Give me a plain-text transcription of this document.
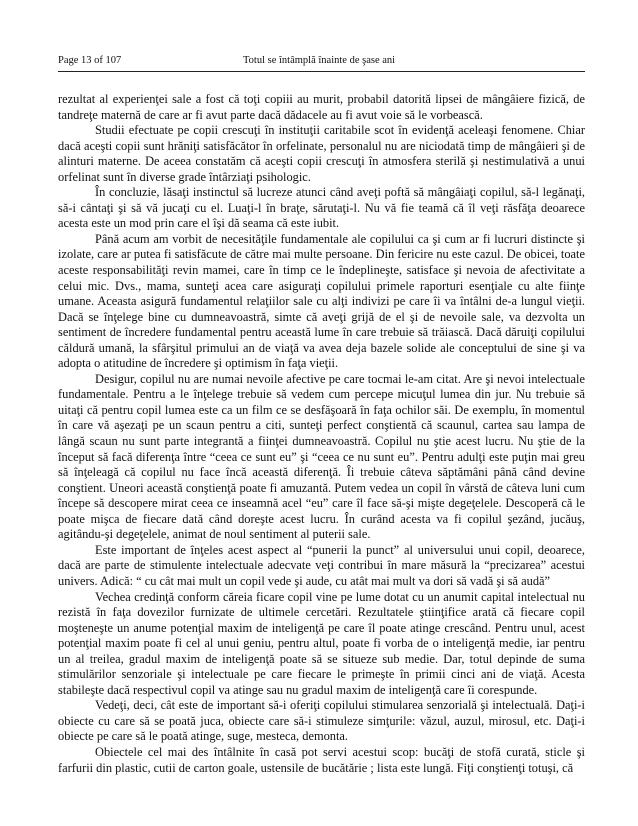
Page 13 of 107	Totul se întâmplă înainte de şase ani

rezultat al experienţei sale a fost că toţi copiii au murit, probabil datorită lipsei de mângâiere fizică, de tandreţe maternă de care ar fi avut parte dacă dădacele au fi avut voie să le vorbească.

Studii efectuate pe copii crescuţi în instituţii caritabile scot în evidenţă aceleaşi fenomene. Chiar dacă aceşti copii sunt hrăniţi satisfăcător în orfelinate, personalul nu are niciodată timp de mângâieri şi de alinturi materne. De aceea constatăm că aceşti copii crescuţi în atmosfera sterilă şi nestimulativă a unui orfelinat sunt în diverse grade întârziaţi psihologic.

În concluzie, lăsaţi instinctul să lucreze atunci când aveţi poftă să mângâiaţi copilul, să-l legănaţi, să-i cântaţi şi să vă jucaţi cu el. Luaţi-l în braţe, sărutaţi-l. Nu vă fie teamă că îl veţi răsfăţa deoarece acesta este un mod prin care el îşi dă seama că este iubit.

Până acum am vorbit de necesităţile fundamentale ale copilului ca şi cum ar fi lucruri distincte şi izolate, care ar putea fi satisfăcute de către mai multe persoane. Din fericire nu este cazul. De obicei, toate aceste responsabilităţi revin mamei, care în timp ce le îndeplineşte, satisface şi nevoia de afectivitate a celui mic. Dvs., mama, sunteţi acea care asiguraţi copilului primele raporturi esenţiale cu alte fiinţe umane. Aceasta asigură fundamentul relaţiilor sale cu alţi indivizi pe care îi va întâlni de-a lungul vieţii. Dacă se înţelege bine cu dumneavoastră, simte că aveţi grijă de el şi de nevoile sale, va dezvolta un sentiment de încredere fundamental pentru această lume în care trebuie să trăiască. Dacă dăruiţi copilului căldură umană, la sfârşitul primului an de viaţă va avea deja bazele solide ale conceptului de sine şi va adopta o atitudine de încredere şi optimism în faţa vieţii.

Desigur, copilul nu are numai nevoile afective pe care tocmai le-am citat. Are şi nevoi intelectuale fundamentale. Pentru a le înţelege trebuie să vedem cum percepe micuţul lumea din jur. Nu trebuie să uitaţi că pentru copil lumea este ca un film ce se desfăşoară în faţa ochilor săi. De exemplu, în momentul în care vă aşezaţi pe un scaun pentru a citi, sunteţi perfect conştientă că scaunul, cartea sau lampa de lângă scaun nu sunt parte integrantă a fiinţei dumneavoastră. Copilul nu ştie acest lucru. Nu ştie de la început să facă diferenţa între “ceea ce sunt eu” şi “ceea ce nu sunt eu”. Pentru adulţi este puţin mai greu să înţeleagă că copilul nu face încă această diferenţă. Îi trebuie câteva săptămâni până când devine conştient. Uneori această conştienţă poate fi amuzantă. Putem vedea un copil în vârstă de câteva luni cum începe să descopere mirat ceea ce inseamnă acel “eu” care îl face să-şi mişte degeţelele. Descoperă că le poate mişca de fiecare dată când doreşte acest lucru. În curând acesta va fi copilul şezând, jucăuş, agitându-şi degeţelele, animat de noul sentiment al puterii sale.

Este important de înţeles acest aspect al “punerii la punct” al universului unui copil, deoarece, dacă are parte de stimulente intelectuale adecvate veţi contribui în mare măsură la “precizarea” acestui univers. Adică: “ cu cât mai mult un copil vede şi aude, cu atât mai mult va dori să vadă şi să audă”

Vechea credinţă conform căreia ficare copil vine pe lume dotat cu un anumit capital intelectual nu rezistă în faţa dovezilor furnizate de ultimele cercetări. Rezultatele ştiinţifice arată că fiecare copil moşteneşte un anume potenţial maxim de inteligenţă pe care îl poate atinge crescând. Pentru unul, acest potenţial maxim poate fi cel al unui geniu, pentru altul, poate fi vorba de o inteligenţă medie, iar pentru un al treilea, gradul maxim de inteligenţă poate să se situeze sub medie. Dar, totul depinde de suma stimulărilor senzoriale şi intelectuale pe care fiecare le primeşte în primii cinci ani de viaţă. Acesta stabileşte dacă respectivul copil va atinge sau nu gradul maxim de inteligenţă care îi corespunde.

Vedeţi, deci, cât este de important să-i oferiţi copilului stimularea senzorială şi intelectuală. Daţi-i obiecte cu care să se poată juca, obiecte care să-i stimuleze simţurile: văzul, auzul, mirosul, etc. Daţi-i obiecte pe care să le poată atinge, suge, mesteca, demonta.

Obiectele cel mai des întâlnite în casă pot servi acestui scop: bucăţi de stofă curată, sticle şi farfurii din plastic, cutii de carton goale, ustensile de bucătărie ; lista este lungă. Fiţi conştienţi totuşi, că
